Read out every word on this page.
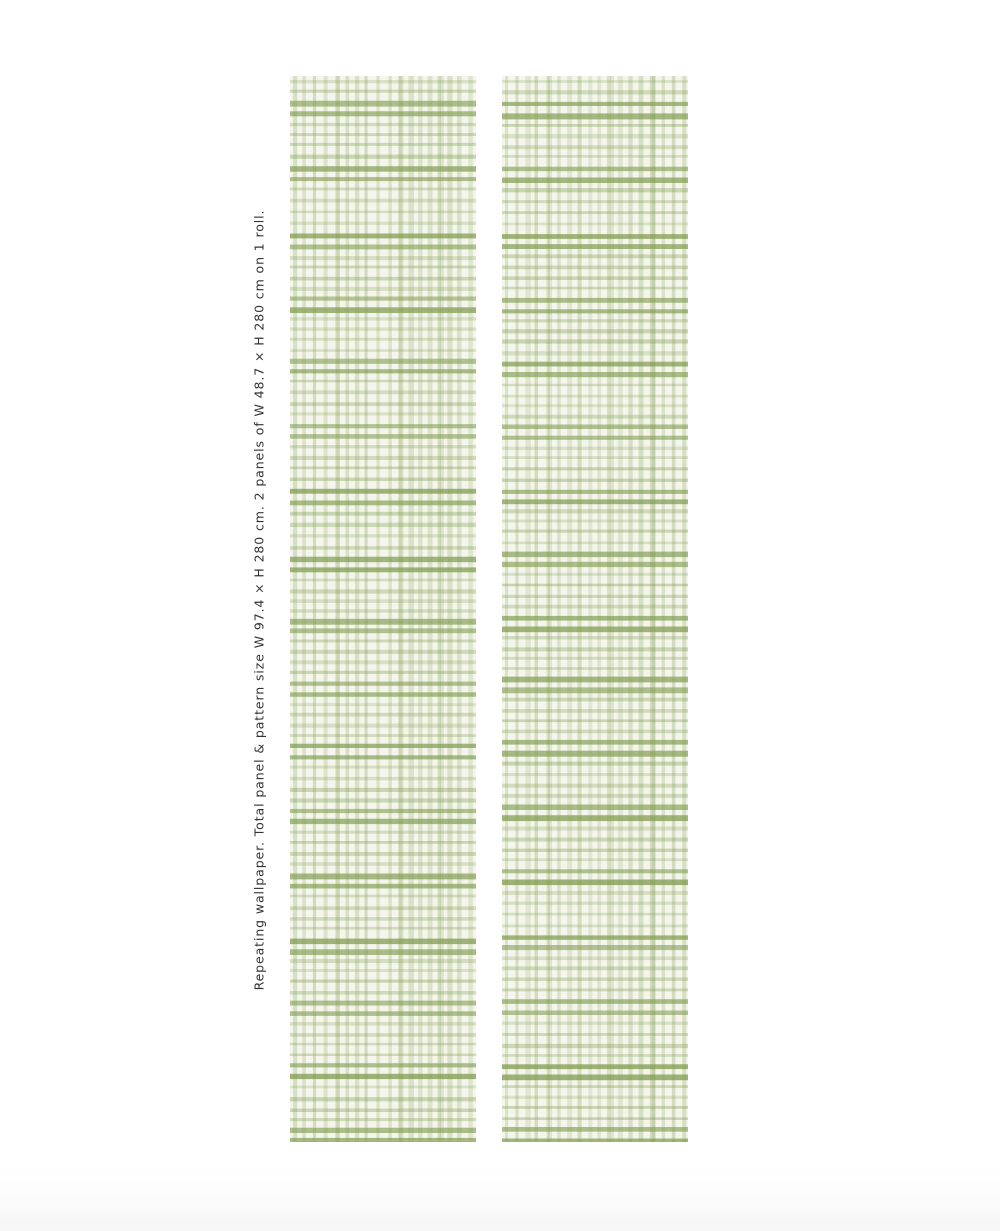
Repeating wallpaper. Total panel & pattern size W 97.4 × H 280 cm. 2 panels of W 48.7 × H 280 cm on 1 roll.
